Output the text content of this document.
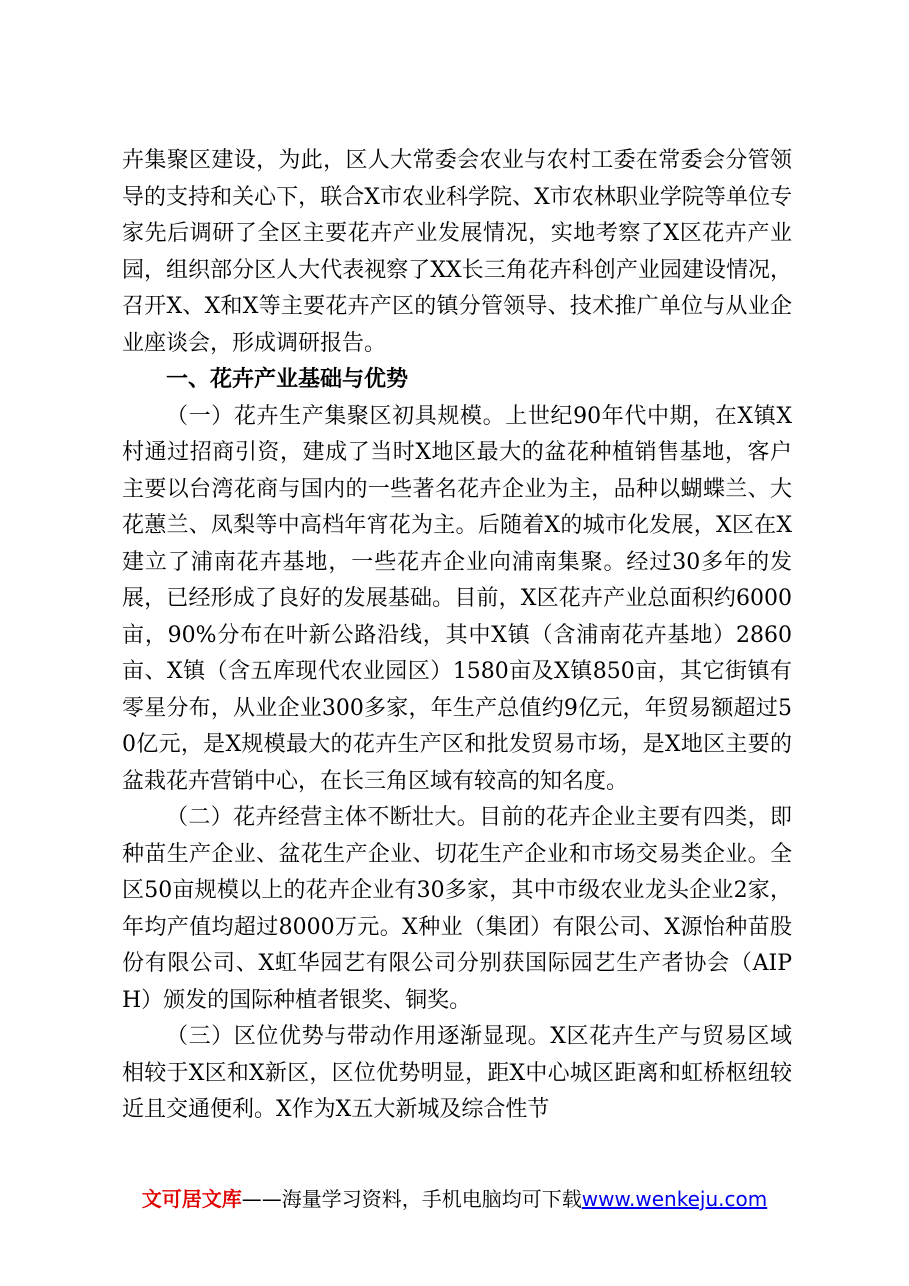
卉集聚区建设，为此，区人大常委会农业与农村工委在常委会分管领导的支持和关心下，联合X市农业科学院、X市农林职业学院等单位专家先后调研了全区主要花卉产业发展情况，实地考察了X区花卉产业园，组织部分区人大代表视察了XX长三角花卉科创产业园建设情况，召开X、X和X等主要花卉产区的镇分管领导、技术推广单位与从业企业座谈会，形成调研报告。

一、花卉产业基础与优势

（一）花卉生产集聚区初具规模。上世纪90年代中期，在X镇X村通过招商引资，建成了当时X地区最大的盆花种植销售基地，客户主要以台湾花商与国内的一些著名花卉企业为主，品种以蝴蝶兰、大花蕙兰、凤梨等中高档年宵花为主。后随着X的城市化发展，X区在X建立了浦南花卉基地，一些花卉企业向浦南集聚。经过30多年的发展，已经形成了良好的发展基础。目前，X区花卉产业总面积约6000亩，90%分布在叶新公路沿线，其中X镇（含浦南花卉基地）2860亩、X镇（含五库现代农业园区）1580亩及X镇850亩，其它街镇有零星分布，从业企业300多家，年生产总值约9亿元，年贸易额超过50亿元，是X规模最大的花卉生产区和批发贸易市场，是X地区主要的盆栽花卉营销中心，在长三角区域有较高的知名度。

（二）花卉经营主体不断壮大。目前的花卉企业主要有四类，即种苗生产企业、盆花生产企业、切花生产企业和市场交易类企业。全区50亩规模以上的花卉企业有30多家，其中市级农业龙头企业2家，年均产值均超过8000万元。X种业（集团）有限公司、X源怡种苗股份有限公司、X虹华园艺有限公司分别获国际园艺生产者协会（AIPH）颁发的国际种植者银奖、铜奖。

（三）区位优势与带动作用逐渐显现。X区花卉生产与贸易区域相较于X区和X新区，区位优势明显，距X中心城区距离和虹桥枢纽较近且交通便利。X作为X五大新城及综合性节

文可居文库——海量学习资料，手机电脑均可下载www.wenkeju.com
